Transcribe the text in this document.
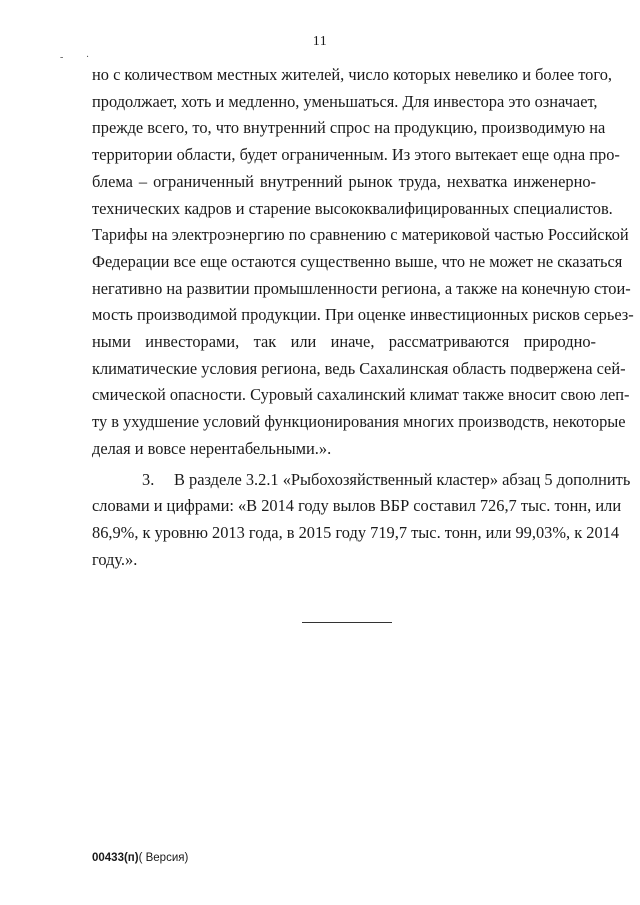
11
- ·
но с количеством местных жителей, число которых невелико и более того,
продолжает, хоть и медленно, уменьшаться. Для инвестора это означает,
прежде всего, то, что внутренний спрос на продукцию, производимую на
территории области, будет ограниченным. Из этого вытекает еще одна про-
блема – ограниченный внутренний рынок труда, нехватка инженерно-
технических кадров и старение высококвалифицированных специалистов.
Тарифы на электроэнергию по сравнению с материковой частью Российской
Федерации все еще остаются существенно выше, что не может не сказаться
негативно на развитии промышленности региона, а также на конечную стои-
мость производимой продукции. При оценке инвестиционных рисков серьез-
ными инвесторами, так или иначе, рассматриваются природно-
климатические условия региона, ведь Сахалинская область подвержена сей-
смической опасности. Суровый сахалинский климат также вносит свою леп-
ту в ухудшение условий функционирования многих производств, некоторые
делая и вовсе нерентабельными.».
3. В разделе 3.2.1 «Рыбохозяйственный кластер» абзац 5 дополнить
словами и цифрами: «В 2014 году вылов ВБР составил 726,7 тыс. тонн, или
86,9%, к уровню 2013 года, в 2015 году 719,7 тыс. тонн, или 99,03%, к 2014
году.».
00433(п)( Версия)
